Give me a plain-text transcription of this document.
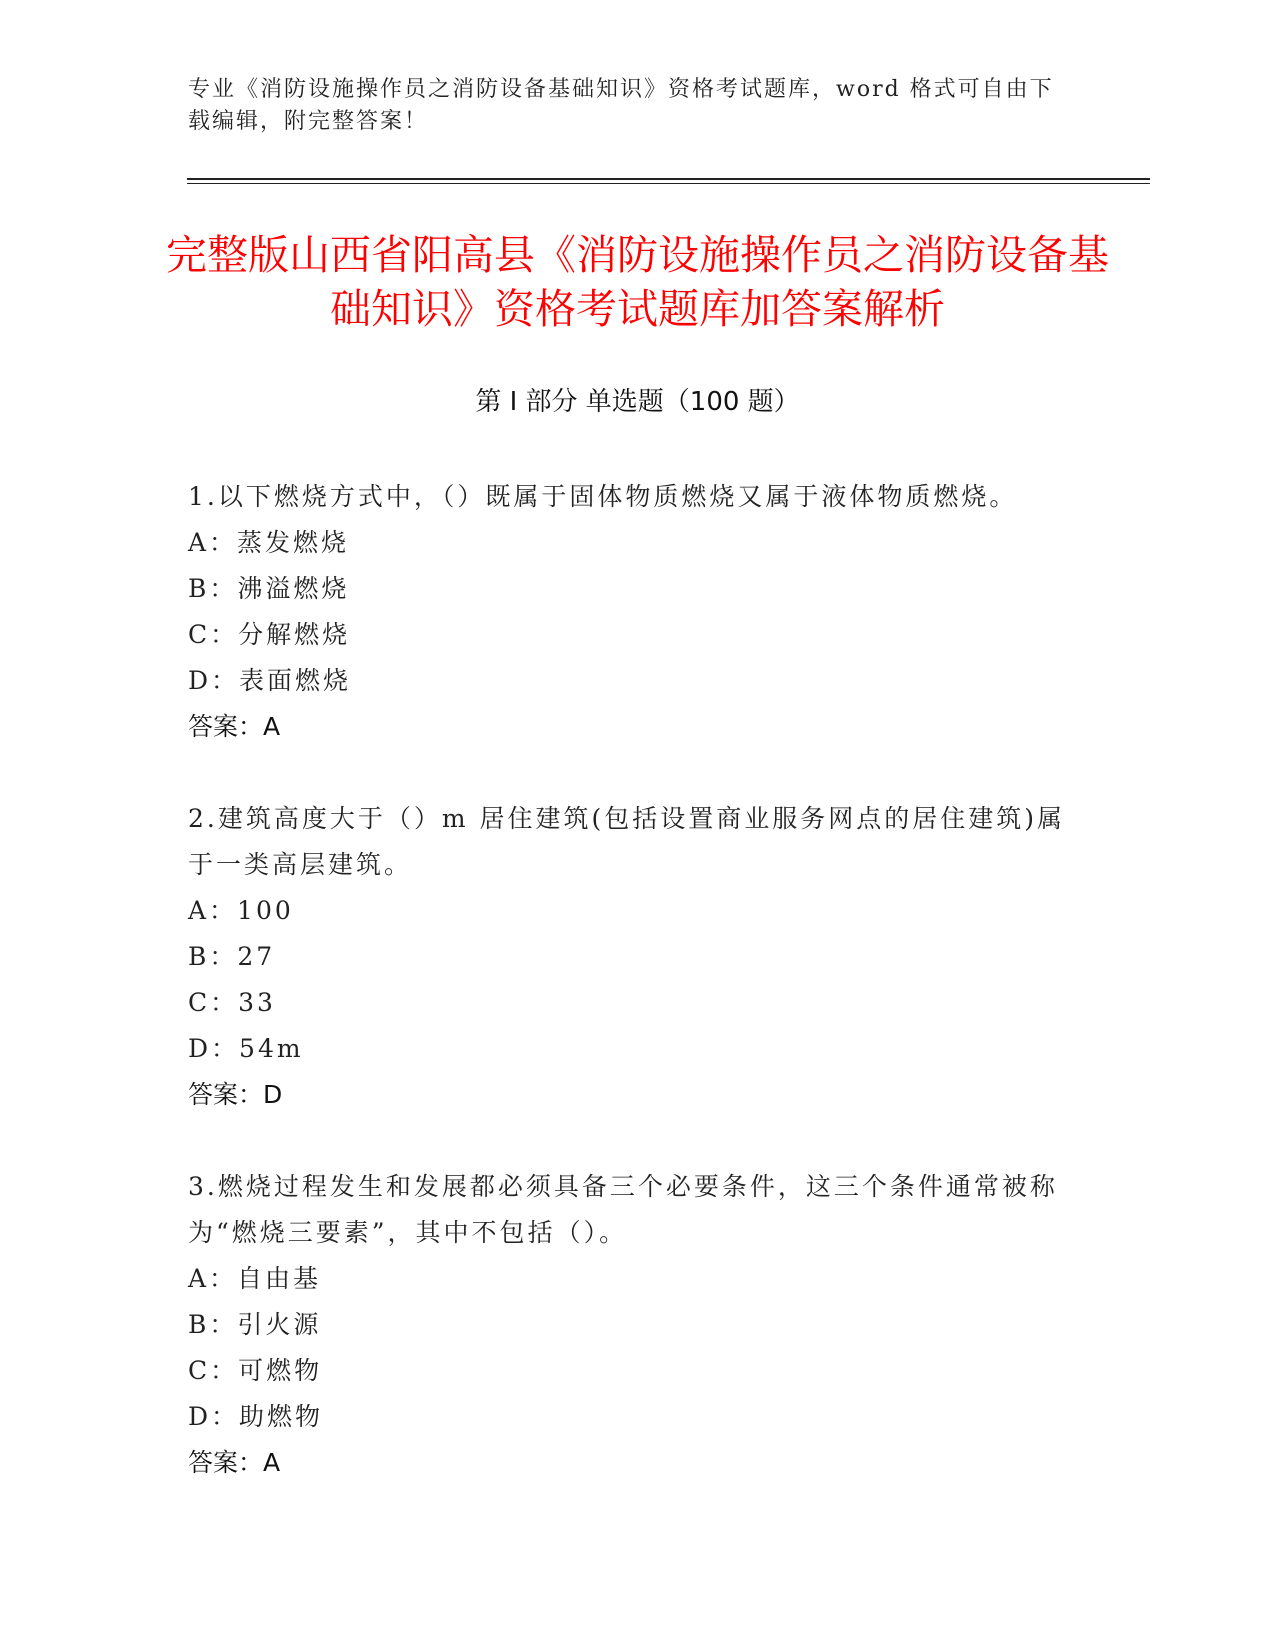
专业《消防设施操作员之消防设备基础知识》资格考试题库，word 格式可自由下载编辑，附完整答案！
完整版山西省阳高县《消防设施操作员之消防设备基础知识》资格考试题库加答案解析
第 I 部分 单选题（100 题）
1.以下燃烧方式中，（）既属于固体物质燃烧又属于液体物质燃烧。
A：蒸发燃烧
B：沸溢燃烧
C：分解燃烧
D：表面燃烧
答案：A
2.建筑高度大于（）m 居住建筑(包括设置商业服务网点的居住建筑)属于一类高层建筑。
A：100
B：27
C：33
D：54m
答案：D
3.燃烧过程发生和发展都必须具备三个必要条件，这三个条件通常被称为“燃烧三要素”，其中不包括（）。
A：自由基
B：引火源
C：可燃物
D：助燃物
答案：A
